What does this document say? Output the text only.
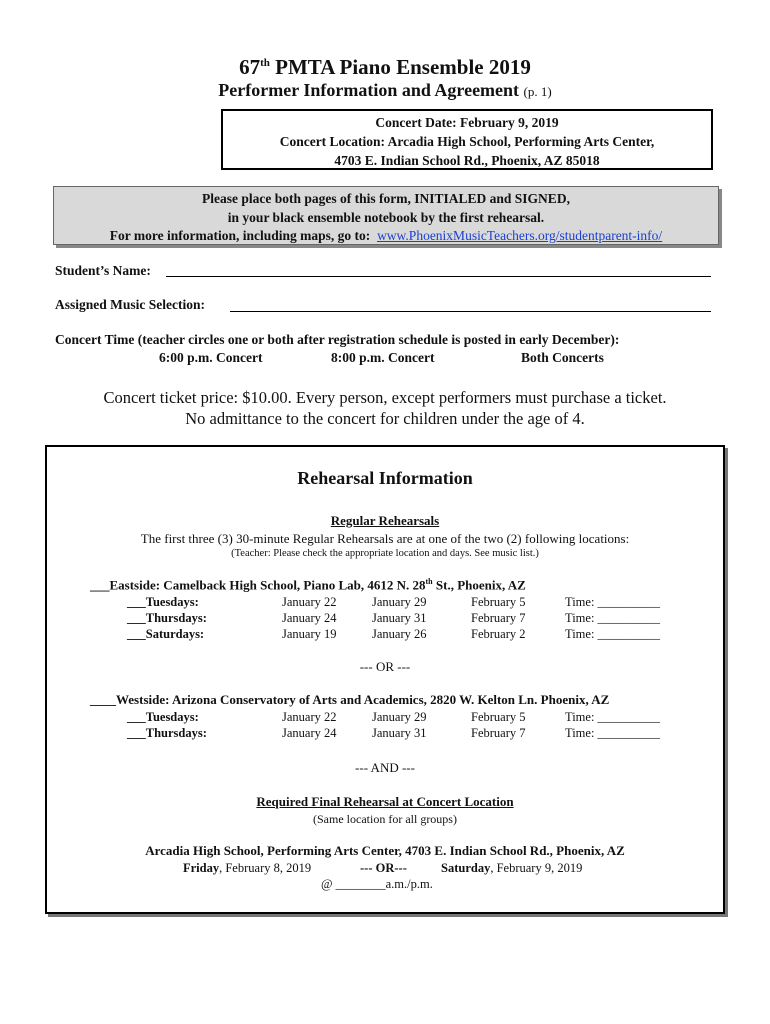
67th PMTA Piano Ensemble 2019
Performer Information and Agreement (p. 1)
Concert Date: February 9, 2019
Concert Location: Arcadia High School, Performing Arts Center,
4703 E. Indian School Rd., Phoenix, AZ 85018
Please place both pages of this form, INITIALED and SIGNED,
in your black ensemble notebook by the first rehearsal.
For more information, including maps, go to: www.PhoenixMusicTeachers.org/studentparent-info/
Student’s Name:
Assigned Music Selection:
Concert Time (teacher circles one or both after registration schedule is posted in early December):
6:00 p.m. Concert	8:00 p.m. Concert	Both Concerts
Concert ticket price: $10.00. Every person, except performers must purchase a ticket.
No admittance to the concert for children under the age of 4.
Rehearsal Information
Regular Rehearsals
The first three (3) 30-minute Regular Rehearsals are at one of the two (2) following locations:
(Teacher: Please check the appropriate location and days. See music list.)
___Eastside: Camelback High School, Piano Lab, 4612 N. 28th St., Phoenix, AZ
___Tuesdays:	January 22	January 29	February 5	Time: __________
___Thursdays:	January 24	January 31	February 7	Time: __________
___Saturdays:	January 19	January 26	February 2	Time: __________
--- OR ---
____Westside: Arizona Conservatory of Arts and Academics, 2820 W. Kelton Ln. Phoenix, AZ
___Tuesdays:	January 22	January 29	February 5	Time: __________
___Thursdays:	January 24	January 31	February 7	Time: __________
--- AND ---
Required Final Rehearsal at Concert Location
(Same location for all groups)
Arcadia High School, Performing Arts Center, 4703 E. Indian School Rd., Phoenix, AZ
Friday, February 8, 2019	--- OR---	Saturday, February 9, 2019
@ ________a.m./p.m.
